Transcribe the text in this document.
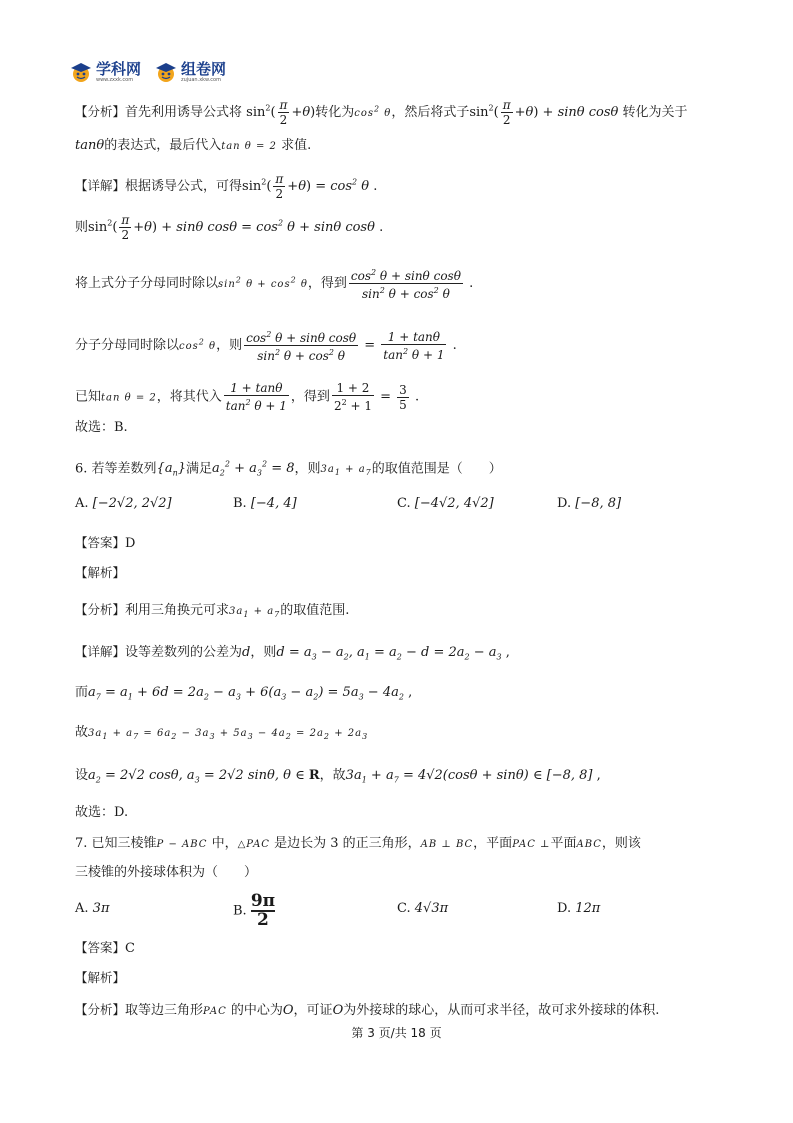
学科网
www.zxxk.com
组卷网
zujuan.xkw.com
【分析】首先利用诱导公式将 $\sin^2( \frac{\pi}{2} +\theta)$转化为$\cos^2 \theta$，然后将式子$\sin^2( \frac{\pi}{2} +\theta) + \sin\theta$ cosθ 转化为关于
tanθ的表达式，最后代入tan θ = 2 求值.
【详解】根据诱导公式，可得$\sin^2( \frac{\pi}{2} +\theta) = \cos^2 \theta$ .
则$\sin^2( \frac{\pi}{2} +\theta) + \sin\theta$ $\cos\theta = \cos^2 \theta + \sin\theta$ cosθ .
将上式分子分母同时除以$\sin^2 \theta + \cos^2 \theta$，得到 $\frac{\cos^2 \theta + \sin\theta \cos\theta}{\sin^2 \theta + \cos^2 \theta}$ .
分子分母同时除以$\cos^2 \theta$，则 $\frac{\cos^2 \theta + \sin\theta \cos\theta}{\sin^2 \theta + \cos^2 \theta} = \frac{1 + \tan\theta}{\tan^2 \theta + 1}$ .
已知tan θ = 2，将其代入 $\frac{1 + \tan\theta}{\tan^2 \theta + 1}$ ，得到 $\frac{1 + 2}{2^2 + 1} = \frac{3}{5}$ .
故选：B.
6. 若等差数列$\{a_n\}$满足$a_2^2 + a_3^2 = 8$，则$3a_1 + a_7$的取值范围是（　　）
A. [−2√2, 2√2]	B. [−4, 4]	C. [−4√2, 4√2]	D. [−8, 8]
【答案】D
【解析】
【分析】利用三角换元可求$3a_1 + a_7$的取值范围.
【详解】设等差数列的公差为d，则$d = a_3 - a_2$, $a_1 = a_2 - d = 2a_2 - a_3$ ,
而$a_7 = a_1 + 6d = 2a_2 - a_3 + 6(a_3 - a_2) = 5a_3 - 4a_2$ ,
故$3a_1 + a_7 = 6a_2 - 3a_3 + 5a_3 - 4a_2 = 2a_2 + 2a_3$
设$a_2 = 2√2$ cosθ, $a_3 = 2√2$ sinθ, θ ∈ R，故$3a_1 + a_7 = 4√2(\cos\theta + \sin\theta)$ ∈ [−8, 8] ,
故选：D.
7. 已知三棱锥P − ABC 中，△PAC 是边长为 3 的正三角形，AB ⊥ BC，平面PAC ⊥平面ABC，则该
三棱锥的外接球体积为（　　）
A. 3π	B. $\frac{9\pi}{2}$	C. 4√3π	D. 12π
【答案】C
【解析】
【分析】取等边三角形PAC 的中心为O，可证O为外接球的球心，从而可求半径，故可求外接球的体积.
第 3 页/共 18 页
